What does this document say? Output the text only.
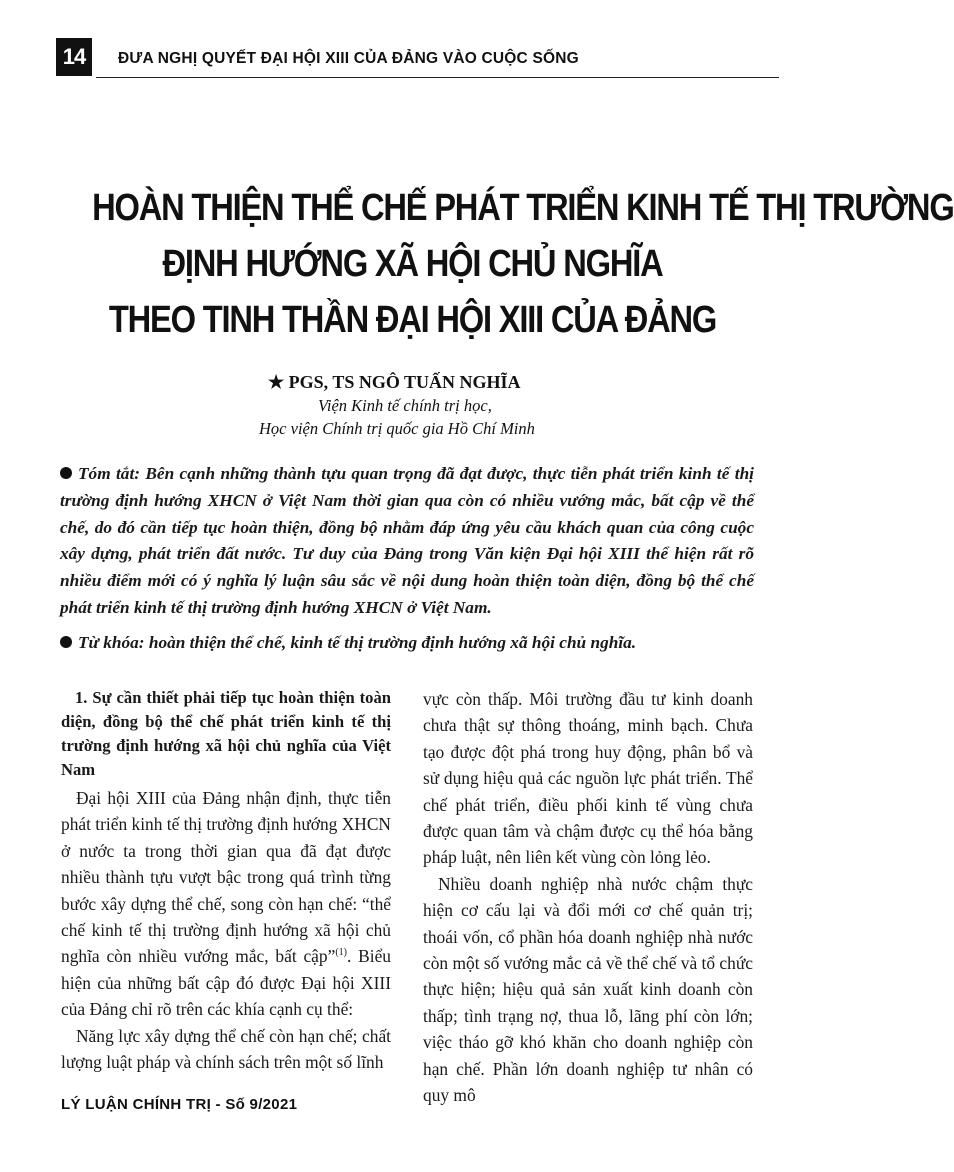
14	ĐƯA NGHỊ QUYẾT ĐẠI HỘI XIII CỦA ĐẢNG VÀO CUỘC SỐNG
HOÀN THIỆN THỂ CHẾ PHÁT TRIỂN KINH TẾ THỊ TRƯỜNG
ĐỊNH HƯỚNG XÃ HỘI CHỦ NGHĨA
THEO TINH THẦN ĐẠI HỘI XIII CỦA ĐẢNG
★ PGS, TS NGÔ TUẤN NGHĨA
Viện Kinh tế chính trị học,
Học viện Chính trị quốc gia Hồ Chí Minh

Tóm tắt: Bên cạnh những thành tựu quan trọng đã đạt được, thực tiễn phát triển kinh tế thị trường định hướng XHCN ở Việt Nam thời gian qua còn có nhiều vướng mắc, bất cập về thể chế, do đó cần tiếp tục hoàn thiện, đồng bộ nhằm đáp ứng yêu cầu khách quan của công cuộc xây dựng, phát triển đất nước. Tư duy của Đảng trong Văn kiện Đại hội XIII thể hiện rất rõ nhiều điểm mới có ý nghĩa lý luận sâu sắc về nội dung hoàn thiện toàn diện, đồng bộ thể chế phát triển kinh tế thị trường định hướng XHCN ở Việt Nam.

Từ khóa: hoàn thiện thể chế, kinh tế thị trường định hướng xã hội chủ nghĩa.

1. Sự cần thiết phải tiếp tục hoàn thiện toàn diện, đồng bộ thể chế phát triển kinh tế thị trường định hướng xã hội chủ nghĩa của Việt Nam

Đại hội XIII của Đảng nhận định, thực tiễn phát triển kinh tế thị trường định hướng XHCN ở nước ta trong thời gian qua đã đạt được nhiều thành tựu vượt bậc trong quá trình từng bước xây dựng thể chế, song còn hạn chế: “thể chế kinh tế thị trường định hướng xã hội chủ nghĩa còn nhiều vướng mắc, bất cập”$^{(1)}$. Biểu hiện của những bất cập đó được Đại hội XIII của Đảng chỉ rõ trên các khía cạnh cụ thể:

Năng lực xây dựng thể chế còn hạn chế; chất lượng luật pháp và chính sách trên một số lĩnh

vực còn thấp. Môi trường đầu tư kinh doanh chưa thật sự thông thoáng, minh bạch. Chưa tạo được đột phá trong huy động, phân bổ và sử dụng hiệu quả các nguồn lực phát triển. Thể chế phát triển, điều phối kinh tế vùng chưa được quan tâm và chậm được cụ thể hóa bằng pháp luật, nên liên kết vùng còn lỏng lẻo.

Nhiều doanh nghiệp nhà nước chậm thực hiện cơ cấu lại và đổi mới cơ chế quản trị; thoái vốn, cổ phần hóa doanh nghiệp nhà nước còn một số vướng mắc cả về thể chế và tổ chức thực hiện; hiệu quả sản xuất kinh doanh còn thấp; tình trạng nợ, thua lỗ, lãng phí còn lớn; việc tháo gỡ khó khăn cho doanh nghiệp còn hạn chế. Phần lớn doanh nghiệp tư nhân có quy mô

LÝ LUẬN CHÍNH TRỊ - Số 9/2021
